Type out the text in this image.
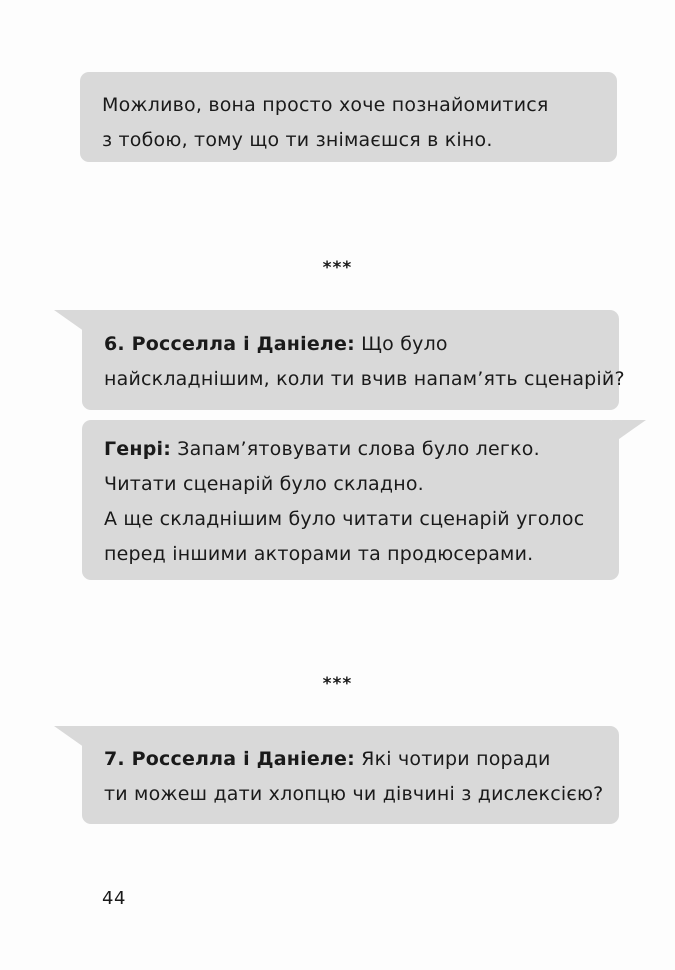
Можливо, вона просто хоче познайомитися
з тобою, тому що ти знімаєшся в кіно.
***
6. Росселла і Даніеле: Що було
найскладнішим, коли ти вчив напам’ять сценарій?
Генрі: Запам’ятовувати слова було легко.
Читати сценарій було складно.
А ще складнішим було читати сценарій уголос
перед іншими акторами та продюсерами.
***
7. Росселла і Даніеле: Які чотири поради
ти можеш дати хлопцю чи дівчині з дислексією?
44
